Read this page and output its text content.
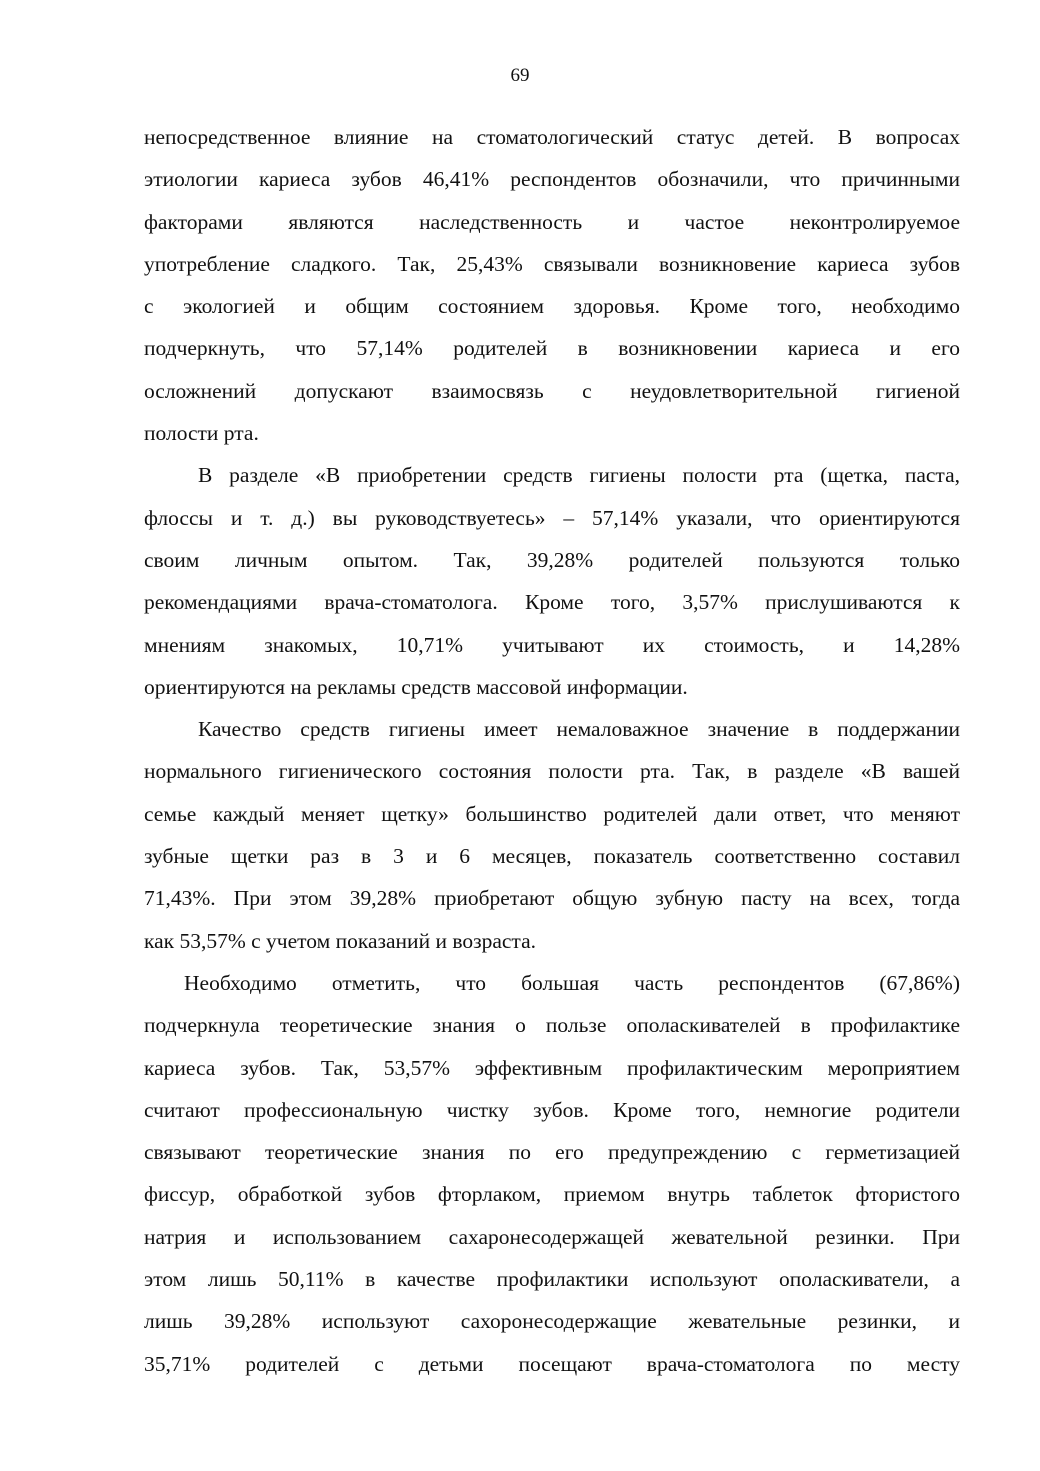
69

непосредственное влияние на стоматологический статус детей. В вопросах
этиологии кариеса зубов 46,41% респондентов обозначили, что причинными
факторами являются наследственность и частое неконтролируемое
употребление сладкого. Так, 25,43% связывали возникновение кариеса зубов
с экологией и общим состоянием здоровья. Кроме того, необходимо
подчеркнуть, что 57,14% родителей в возникновении кариеса и его
осложнений допускают взаимосвязь с неудовлетворительной гигиеной
полости рта.

В разделе «В приобретении средств гигиены полости рта (щетка, паста,
флоссы и т. д.) вы руководствуетесь» – 57,14% указали, что ориентируются
своим личным опытом. Так, 39,28% родителей пользуются только
рекомендациями врача-стоматолога. Кроме того, 3,57% прислушиваются к
мнениям знакомых, 10,71% учитывают их стоимость, и 14,28%
ориентируются на рекламы средств массовой информации.

Качество средств гигиены имеет немаловажное значение в поддержании
нормального гигиенического состояния полости рта. Так, в разделе «В вашей
семье каждый меняет щетку» большинство родителей дали ответ, что меняют
зубные щетки раз в 3 и 6 месяцев, показатель соответственно составил
71,43%. При этом 39,28% приобретают общую зубную пасту на всех, тогда
как 53,57% с учетом показаний и возраста.

Необходимо отметить, что большая часть респондентов (67,86%)
подчеркнула теоретические знания о пользе ополаскивателей в профилактике
кариеса зубов. Так, 53,57% эффективным профилактическим мероприятием
считают профессиональную чистку зубов. Кроме того, немногие родители
связывают теоретические знания по его предупреждению с герметизацией
фиссур, обработкой зубов фторлаком, приемом внутрь таблеток фтористого
натрия и использованием сахаронесодержащей жевательной резинки. При
этом лишь 50,11% в качестве профилактики используют ополаскиватели, а
лишь 39,28% используют сахоронесодержащие жевательные резинки, и
35,71% родителей с детьми посещают врача-стоматолога по месту
